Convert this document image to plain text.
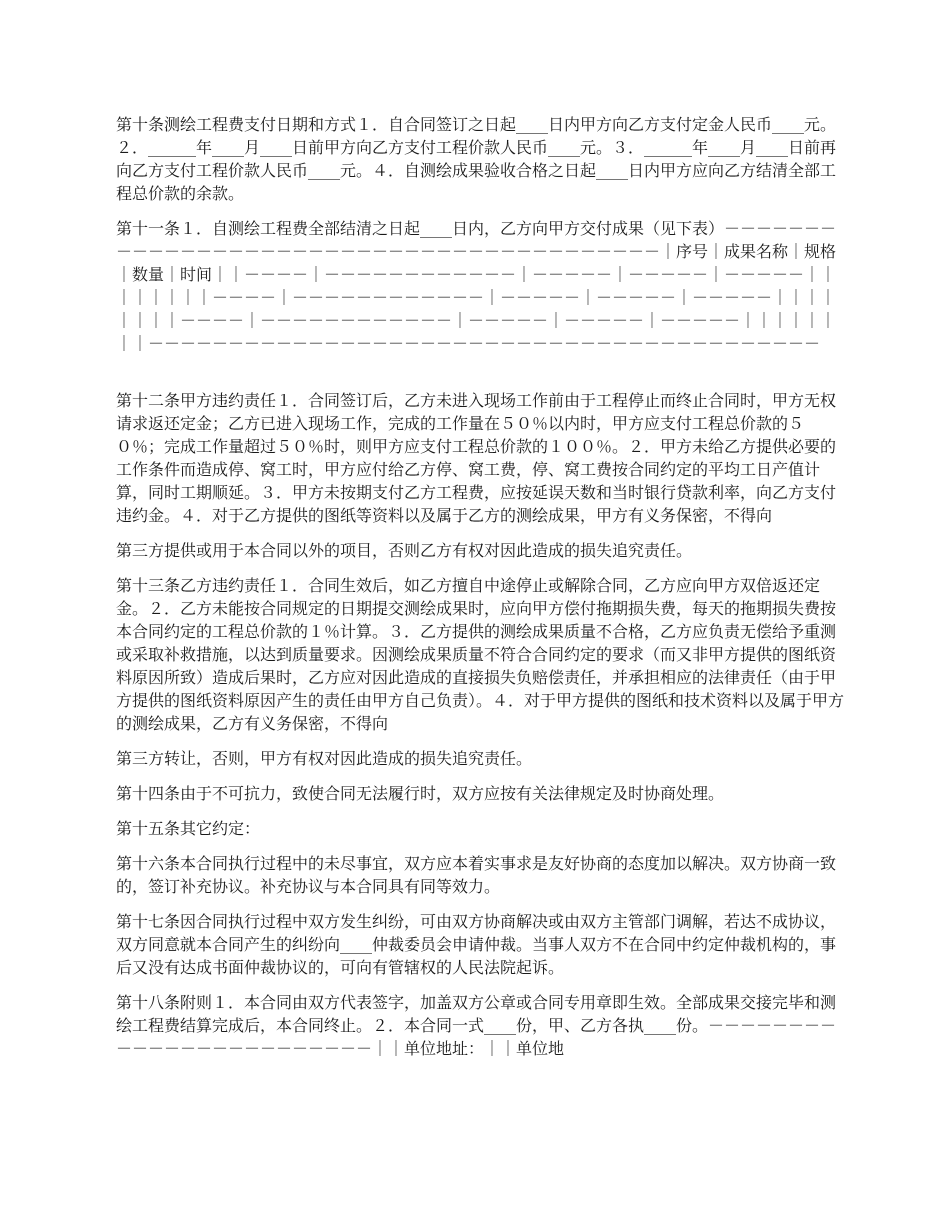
第十条测绘工程费支付日期和方式１．自合同签订之日起____日内甲方向乙方支付定金人民币____元。２．______年____月____日前甲方向乙方支付工程价款人民币____元。３．______年____月____日前再向乙方支付工程价款人民币____元。４．自测绘成果验收合格之日起____日内甲方应向乙方结清全部工程总价款的余款。

第十一条１．自测绘工程费全部结清之日起____日内，乙方向甲方交付成果（见下表）－－－－－－－－－－－－－－－－－－－－－－－－－－－－－－－－－－－－－－－－－｜序号｜成果名称｜规格｜数量｜时间｜｜－－－－｜－－－－－－－－－－－－｜－－－－－｜－－－－－｜－－－－－｜｜｜｜｜｜｜｜－－－－｜－－－－－－－－－－－－｜－－－－－｜－－－－－｜－－－－－｜｜｜｜｜｜｜｜－－－－｜－－－－－－－－－－－－｜－－－－－｜－－－－－｜－－－－－｜｜｜｜｜｜｜｜－－－－－－－－－－－－－－－－－－－－－－－－－－－－－－－－－－－－－－－－－－

第十二条甲方违约责任１．合同签订后，乙方未进入现场工作前由于工程停止而终止合同时，甲方无权请求返还定金；乙方已进入现场工作，完成的工作量在５０％以内时，甲方应支付工程总价款的５０％；完成工作量超过５０％时，则甲方应支付工程总价款的１００％。２．甲方未给乙方提供必要的工作条件而造成停、窝工时，甲方应付给乙方停、窝工费，停、窝工费按合同约定的平均工日产值计算，同时工期顺延。３．甲方未按期支付乙方工程费，应按延误天数和当时银行贷款利率，向乙方支付违约金。４．对于乙方提供的图纸等资料以及属于乙方的测绘成果，甲方有义务保密，不得向

第三方提供或用于本合同以外的项目，否则乙方有权对因此造成的损失追究责任。

第十三条乙方违约责任１．合同生效后，如乙方擅自中途停止或解除合同，乙方应向甲方双倍返还定金。２．乙方未能按合同规定的日期提交测绘成果时，应向甲方偿付拖期损失费，每天的拖期损失费按本合同约定的工程总价款的１％计算。３．乙方提供的测绘成果质量不合格，乙方应负责无偿给予重测或采取补救措施，以达到质量要求。因测绘成果质量不符合合同约定的要求（而又非甲方提供的图纸资料原因所致）造成后果时，乙方应对因此造成的直接损失负赔偿责任，并承担相应的法律责任（由于甲方提供的图纸资料原因产生的责任由甲方自己负责）。４．对于甲方提供的图纸和技术资料以及属于甲方的测绘成果，乙方有义务保密，不得向

第三方转让，否则，甲方有权对因此造成的损失追究责任。

第十四条由于不可抗力，致使合同无法履行时，双方应按有关法律规定及时协商处理。

第十五条其它约定：

第十六条本合同执行过程中的未尽事宜，双方应本着实事求是友好协商的态度加以解决。双方协商一致的，签订补充协议。补充协议与本合同具有同等效力。

第十七条因合同执行过程中双方发生纠纷，可由双方协商解决或由双方主管部门调解，若达不成协议，双方同意就本合同产生的纠纷向____仲裁委员会申请仲裁。当事人双方不在合同中约定仲裁机构的，事后又没有达成书面仲裁协议的，可向有管辖权的人民法院起诉。

第十八条附则１．本合同由双方代表签字，加盖双方公章或合同专用章即生效。全部成果交接完毕和测绘工程费结算完成后，本合同终止。２．本合同一式____份，甲、乙方各执____份。－－－－－－－－－－－－－－－－－－－－－－－－｜｜单位地址：｜｜单位地
